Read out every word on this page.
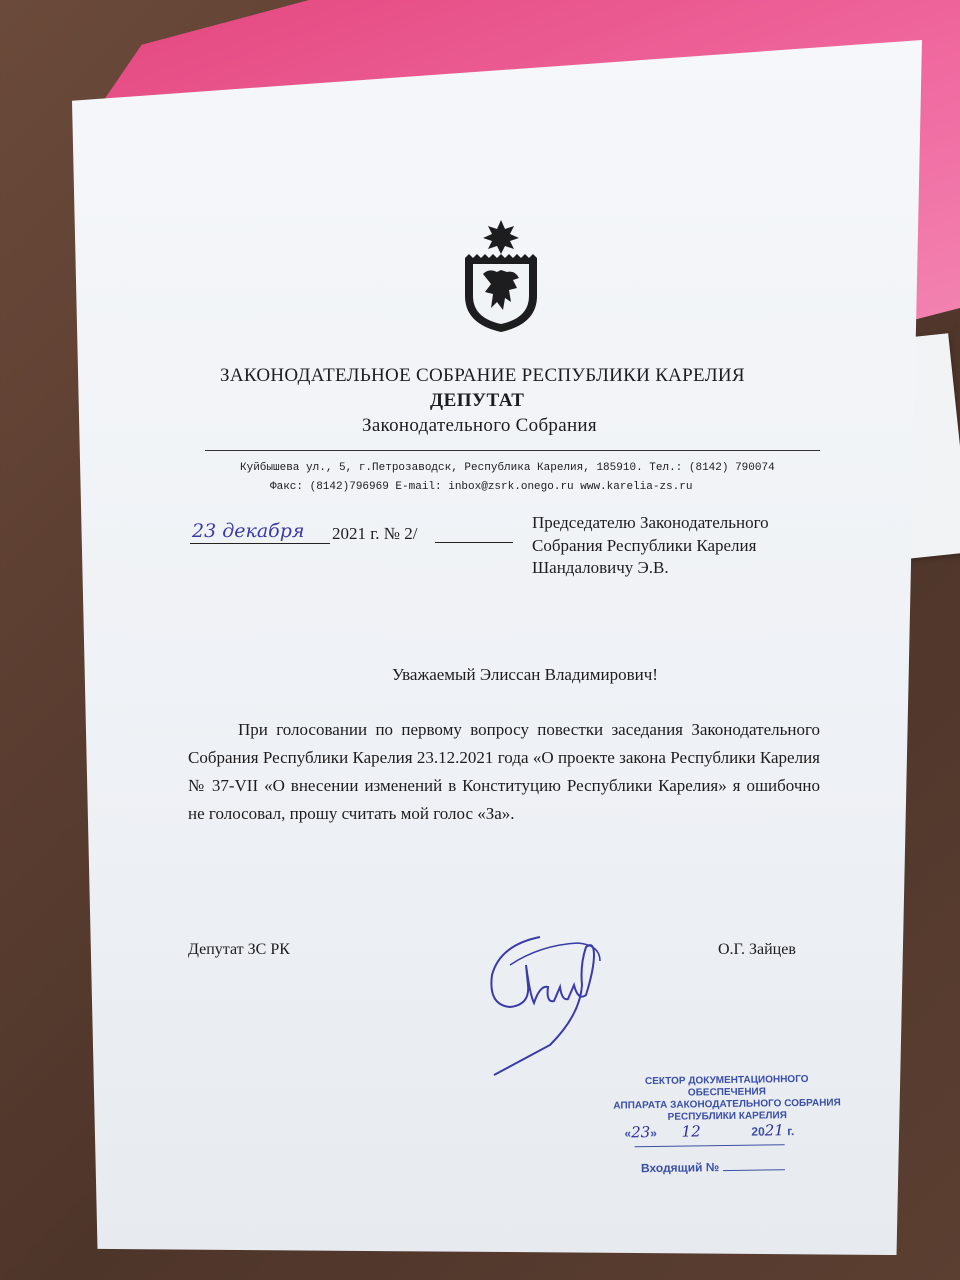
ЗАКОНОДАТЕЛЬНОЕ СОБРАНИЕ РЕСПУБЛИКИ КАРЕЛИЯ
ДЕПУТАТ
Законодательного Собрания
Куйбышева ул., 5, г.Петрозаводск, Республика Карелия, 185910. Тел.: (8142) 790074
Факс: (8142)796969 E-mail: inbox@zsrk.onego.ru www.karelia-zs.ru
23 декабря 2021 г. № 2/
Председателю Законодательного
Собрания Республики Карелия
Шандаловичу Э.В.
Уважаемый Элиссан Владимирович!
При голосовании по первому вопросу повестки заседания Законодательного Собрания Республики Карелия 23.12.2021 года «О проекте закона Республики Карелия № 37-VII «О внесении изменений в Конституцию Республики Карелия» я ошибочно не голосовал, прошу считать мой голос «За».
Депутат ЗС РК	О.Г. Зайцев
СЕКТОР ДОКУМЕНТАЦИОННОГО ОБЕСПЕЧЕНИЯ
АППАРАТА ЗАКОНОДАТЕЛЬНОГО СОБРАНИЯ
РЕСПУБЛИКИ КАРЕЛИЯ
«23»  12	2021 г.
Входящий №
